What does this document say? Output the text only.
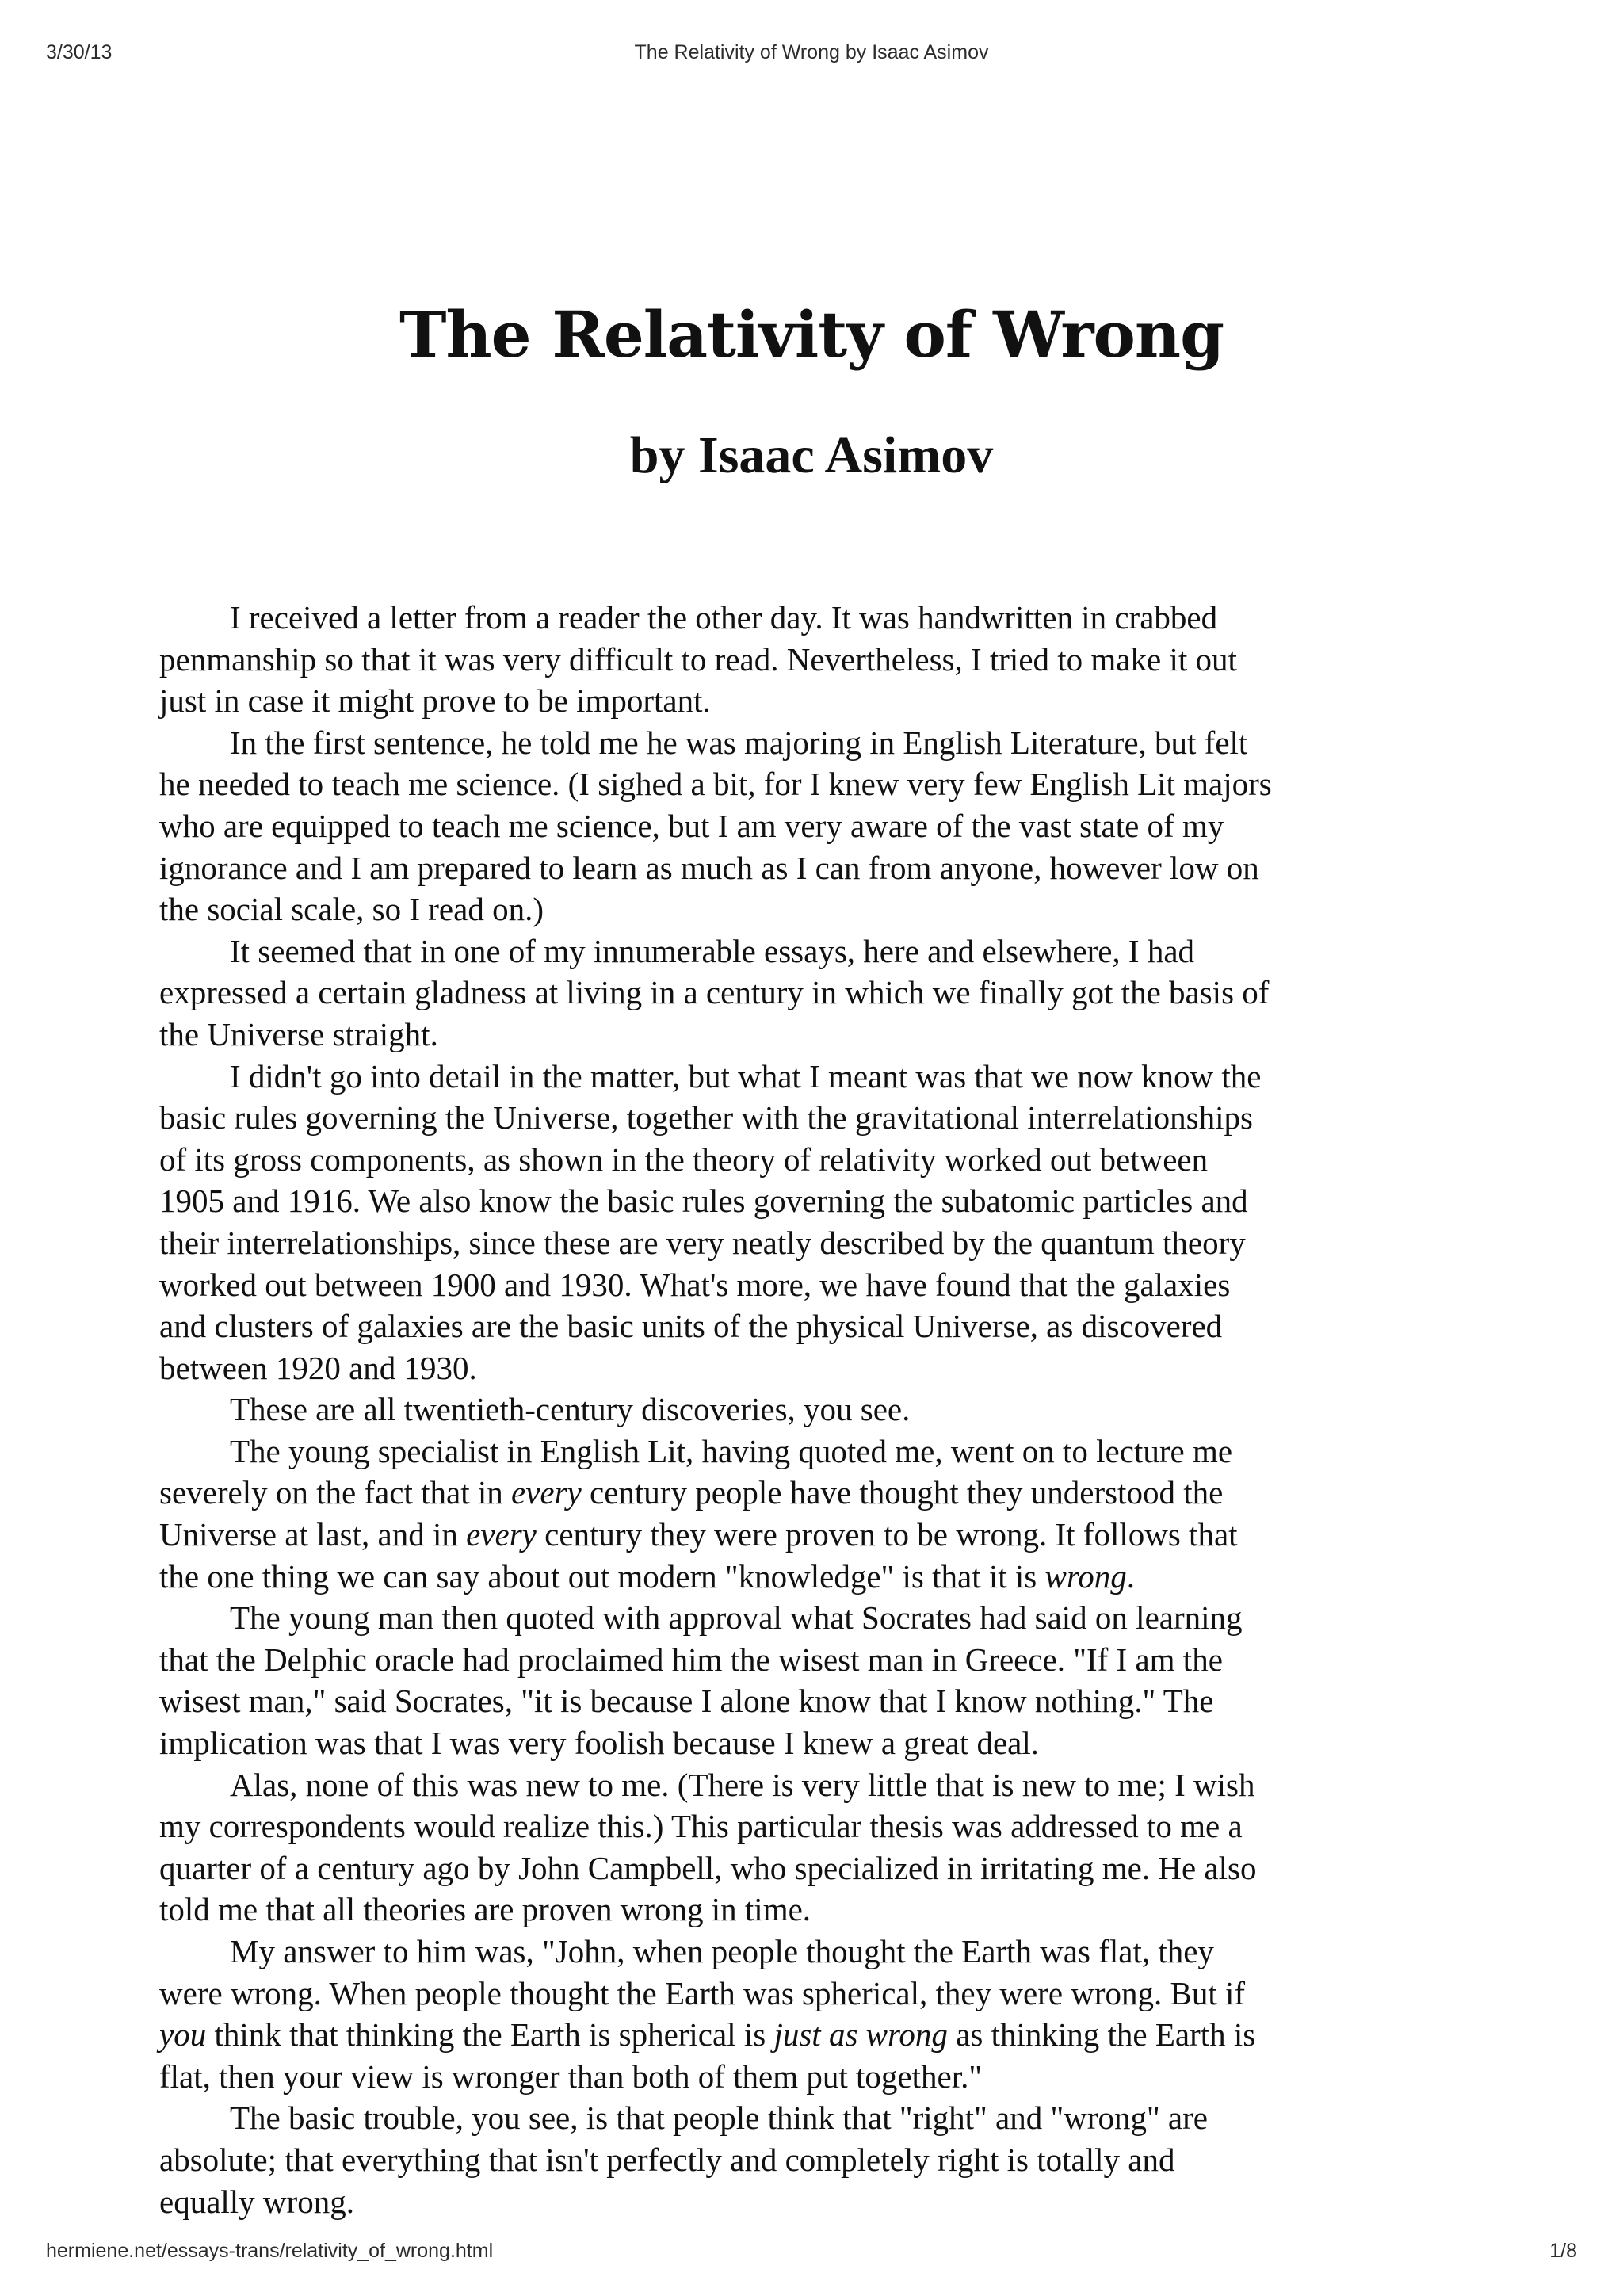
3/30/13	The Relativity of Wrong by Isaac Asimov
The Relativity of Wrong
by Isaac Asimov

I received a letter from a reader the other day. It was handwritten in crabbed
penmanship so that it was very difficult to read. Nevertheless, I tried to make it out
just in case it might prove to be important.

In the first sentence, he told me he was majoring in English Literature, but felt
he needed to teach me science. (I sighed a bit, for I knew very few English Lit majors
who are equipped to teach me science, but I am very aware of the vast state of my
ignorance and I am prepared to learn as much as I can from anyone, however low on
the social scale, so I read on.)

It seemed that in one of my innumerable essays, here and elsewhere, I had
expressed a certain gladness at living in a century in which we finally got the basis of
the Universe straight.

I didn't go into detail in the matter, but what I meant was that we now know the
basic rules governing the Universe, together with the gravitational interrelationships
of its gross components, as shown in the theory of relativity worked out between
1905 and 1916. We also know the basic rules governing the subatomic particles and
their interrelationships, since these are very neatly described by the quantum theory
worked out between 1900 and 1930. What's more, we have found that the galaxies
and clusters of galaxies are the basic units of the physical Universe, as discovered
between 1920 and 1930.

These are all twentieth-century discoveries, you see.

The young specialist in English Lit, having quoted me, went on to lecture me
severely on the fact that in every century people have thought they understood the
Universe at last, and in every century they were proven to be wrong. It follows that
the one thing we can say about out modern "knowledge" is that it is wrong.

The young man then quoted with approval what Socrates had said on learning
that the Delphic oracle had proclaimed him the wisest man in Greece. "If I am the
wisest man," said Socrates, "it is because I alone know that I know nothing." The
implication was that I was very foolish because I knew a great deal.

Alas, none of this was new to me. (There is very little that is new to me; I wish
my correspondents would realize this.) This particular thesis was addressed to me a
quarter of a century ago by John Campbell, who specialized in irritating me. He also
told me that all theories are proven wrong in time.

My answer to him was, "John, when people thought the Earth was flat, they
were wrong. When people thought the Earth was spherical, they were wrong. But if
you think that thinking the Earth is spherical is just as wrong as thinking the Earth is
flat, then your view is wronger than both of them put together."

The basic trouble, you see, is that people think that "right" and "wrong" are
absolute; that everything that isn't perfectly and completely right is totally and
equally wrong.

hermiene.net/essays-trans/relativity_of_wrong.html	1/8
